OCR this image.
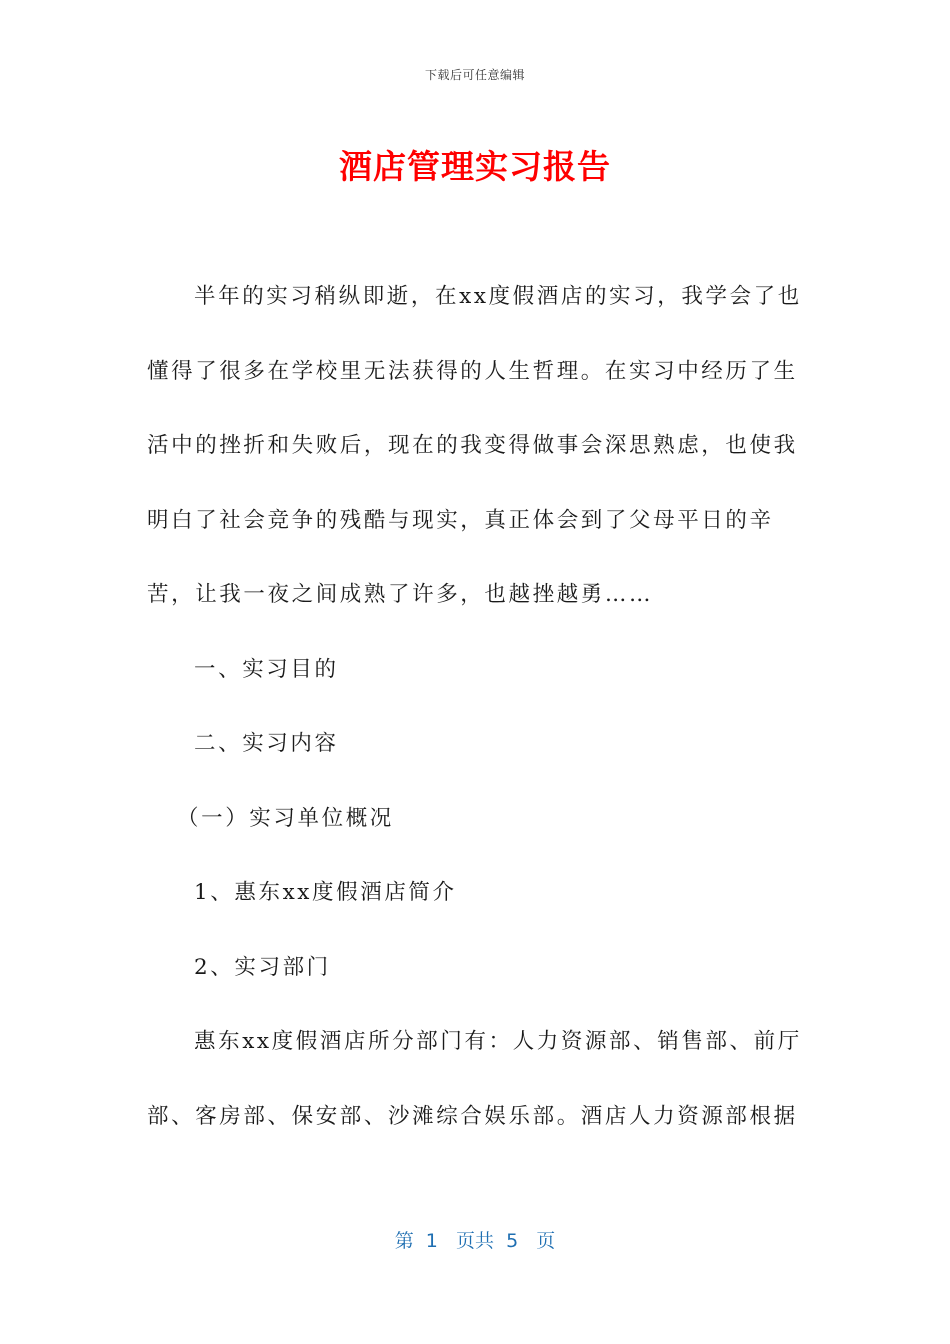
下载后可任意编辑
酒店管理实习报告

半年的实习稍纵即逝，在xx度假酒店的实习，我学会了也懂得了很多在学校里无法获得的人生哲理。在实习中经历了生活中的挫折和失败后，现在的我变得做事会深思熟虑，也使我明白了社会竞争的残酷与现实，真正体会到了父母平日的辛苦，让我一夜之间成熟了许多，也越挫越勇……

一、实习目的

二、实习内容

（一）实习单位概况

1、惠东xx度假酒店简介

2、实习部门

惠东xx度假酒店所分部门有：人力资源部、销售部、前厅部、客房部、保安部、沙滩综合娱乐部。酒店人力资源部根据

第  1   页共  5   页
